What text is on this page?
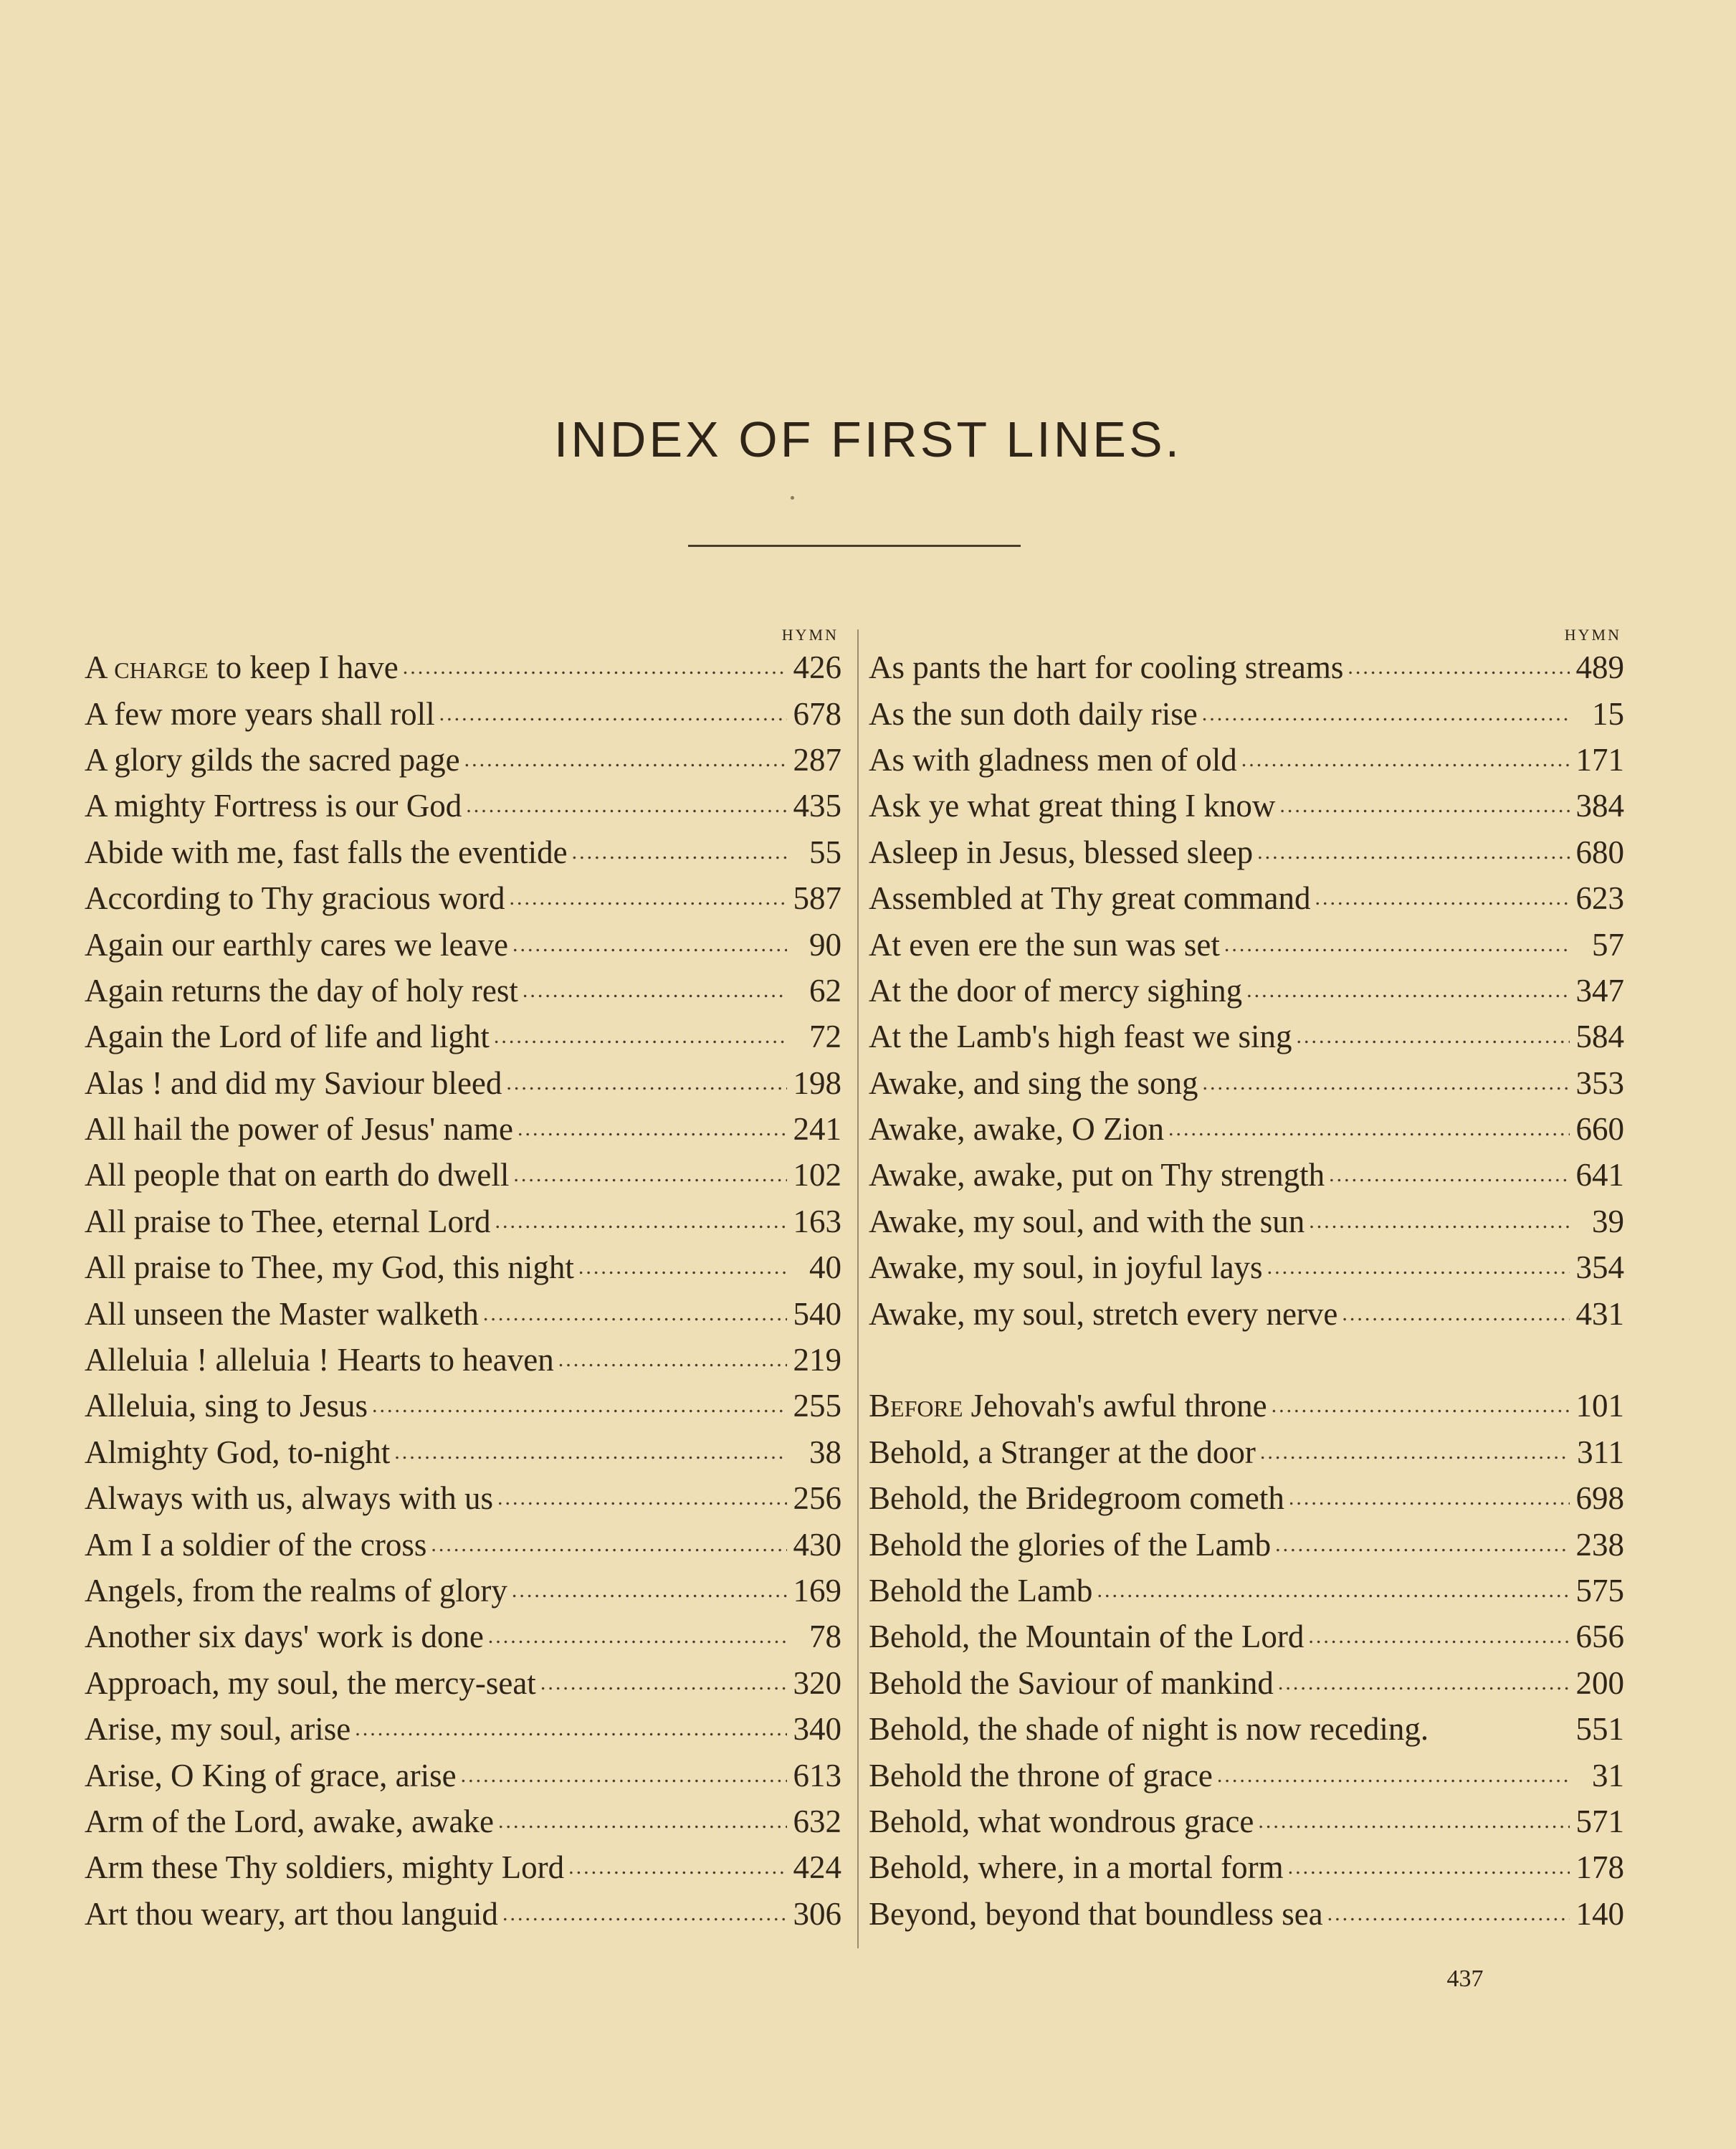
INDEX OF FIRST LINES.
HYMN
A charge to keep I have .....	426
A few more years shall roll .....	678
A glory gilds the sacred page .....	287
A mighty Fortress is our God .....	435
Abide with me, fast falls the eventide .....	55
According to Thy gracious word .....	587
Again our earthly cares we leave .....	90
Again returns the day of holy rest .....	62
Again the Lord of life and light .....	72
Alas ! and did my Saviour bleed .....	198
All hail the power of Jesus' name .....	241
All people that on earth do dwell .....	102
All praise to Thee, eternal Lord .....	163
All praise to Thee, my God, this night .....	40
All unseen the Master walketh .....	540
Alleluia ! alleluia ! Hearts to heaven .....	219
Alleluia, sing to Jesus .....	255
Almighty God, to-night .....	38
Always with us, always with us .....	256
Am I a soldier of the cross .....	430
Angels, from the realms of glory .....	169
Another six days' work is done .....	78
Approach, my soul, the mercy-seat .....	320
Arise, my soul, arise .....	340
Arise, O King of grace, arise .....	613
Arm of the Lord, awake, awake .....	632
Arm these Thy soldiers, mighty Lord .....	424
Art thou weary, art thou languid .....	306
HYMN
As pants the hart for cooling streams .....	489
As the sun doth daily rise .....	15
As with gladness men of old .....	171
Ask ye what great thing I know .....	384
Asleep in Jesus, blessed sleep .....	680
Assembled at Thy great command .....	623
At even ere the sun was set .....	57
At the door of mercy sighing .....	347
At the Lamb's high feast we sing .....	584
Awake, and sing the song .....	353
Awake, awake, O Zion .....	660
Awake, awake, put on Thy strength .....	641
Awake, my soul, and with the sun .....	39
Awake, my soul, in joyful lays .....	354
Awake, my soul, stretch every nerve .....	431
Before Jehovah's awful throne .....	101
Behold, a Stranger at the door .....	311
Behold, the Bridegroom cometh .....	698
Behold the glories of the Lamb .....	238
Behold the Lamb .....	575
Behold, the Mountain of the Lord .....	656
Behold the Saviour of mankind .....	200
Behold, the shade of night is now receding.	551
Behold the throne of grace .....	31
Behold, what wondrous grace .....	571
Behold, where, in a mortal form .....	178
Beyond, beyond that boundless sea .....	140
437
